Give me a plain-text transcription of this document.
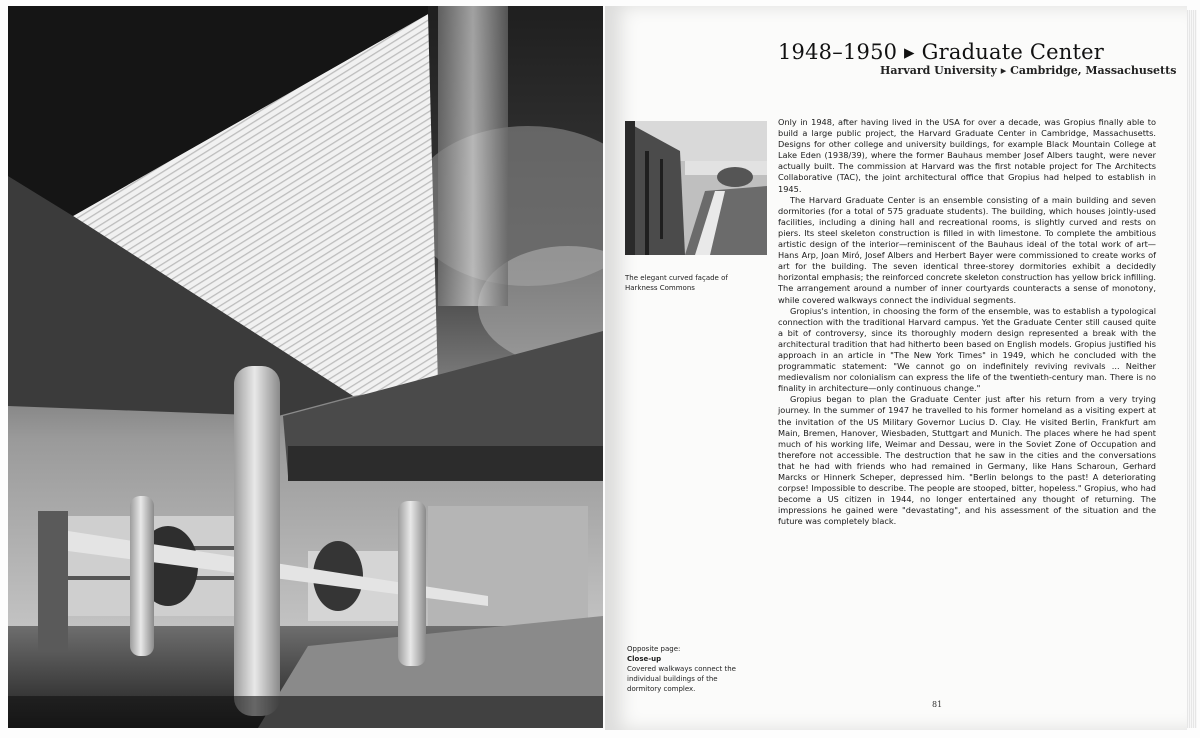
1948–1950 ▸ Graduate Center
Harvard University ▸ Cambridge, Massachusetts
The elegant curved façade of Harkness Commons
Opposite page:
Close-up
Covered walkways connect the individual buildings of the dormitory complex.

Only in 1948, after having lived in the USA for over a decade, was Gropius finally able to build a large public project, the Harvard Graduate Center in Cambridge, Massachusetts. Designs for other college and university buildings, for example Black Mountain College at Lake Eden (1938/39), where the former Bauhaus member Josef Albers taught, were never actually built. The commission at Harvard was the first notable project for The Architects Collaborative (TAC), the joint architectural office that Gropius had helped to establish in 1945.

The Harvard Graduate Center is an ensemble consisting of a main building and seven dormitories (for a total of 575 graduate students). The building, which houses jointly-used facilities, including a dining hall and recreational rooms, is slightly curved and rests on piers. Its steel skeleton construction is filled in with limestone. To complete the ambitious artistic design of the interior—reminiscent of the Bauhaus ideal of the total work of art—Hans Arp, Joan Miró, Josef Albers and Herbert Bayer were commissioned to create works of art for the building. The seven identical three-storey dormitories exhibit a decidedly horizontal emphasis; the reinforced concrete skeleton construction has yellow brick infilling. The arrangement around a number of inner courtyards counteracts a sense of monotony, while covered walkways connect the individual segments.

Gropius's intention, in choosing the form of the ensemble, was to establish a typological connection with the traditional Harvard campus. Yet the Graduate Center still caused quite a bit of controversy, since its thoroughly modern design represented a break with the architectural tradition that had hitherto been based on English models. Gropius justified his approach in an article in "The New York Times" in 1949, which he concluded with the programmatic statement: "We cannot go on indefinitely reviving revivals ... Neither medievalism nor colonialism can express the life of the twentieth-century man. There is no finality in architecture—only continuous change."

Gropius began to plan the Graduate Center just after his return from a very trying journey. In the summer of 1947 he travelled to his former homeland as a visiting expert at the invitation of the US Military Governor Lucius D. Clay. He visited Berlin, Frankfurt am Main, Bremen, Hanover, Wiesbaden, Stuttgart and Munich. The places where he had spent much of his working life, Weimar and Dessau, were in the Soviet Zone of Occupation and therefore not accessible. The destruction that he saw in the cities and the conversations that he had with friends who had remained in Germany, like Hans Scharoun, Gerhard Marcks or Hinnerk Scheper, depressed him. "Berlin belongs to the past! A deteriorating corpse! Impossible to describe. The people are stooped, bitter, hopeless." Gropius, who had become a US citizen in 1944, no longer entertained any thought of returning. The impressions he gained were "devastating", and his assessment of the situation and the future was completely black.

81
